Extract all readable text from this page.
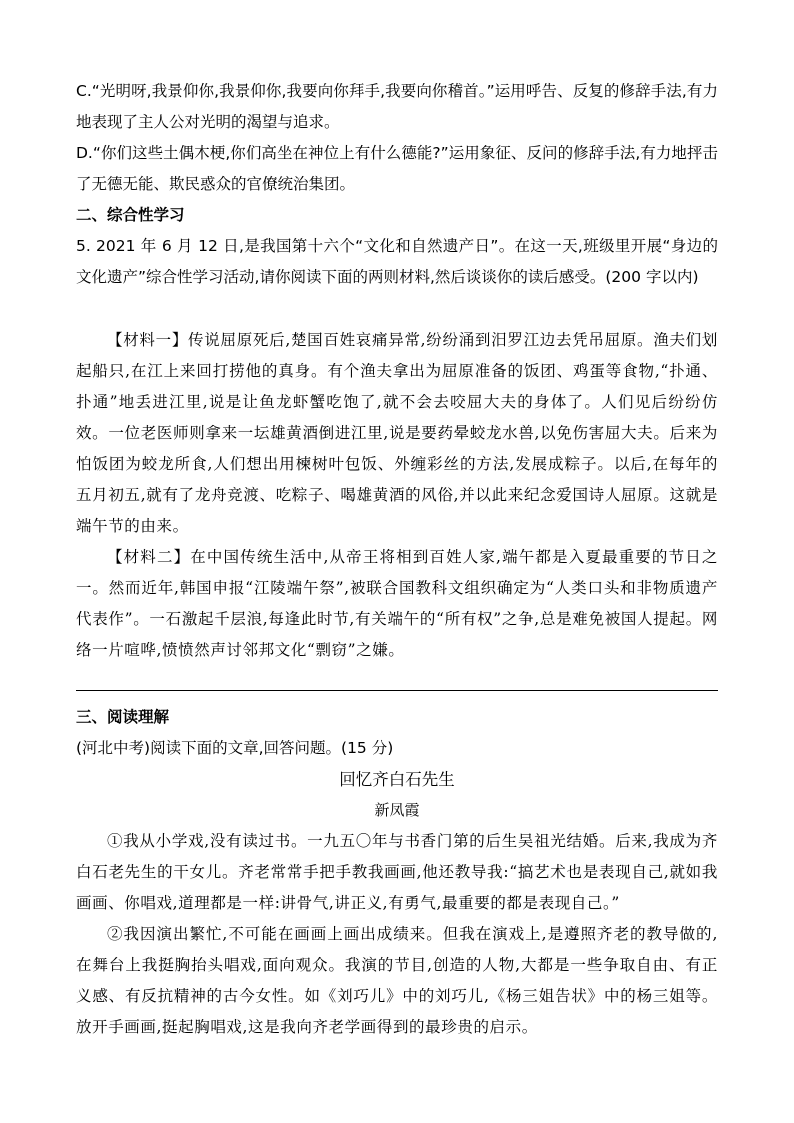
C.“光明呀,我景仰你,我景仰你,我要向你拜手,我要向你稽首。”运用呼告、反复的修辞手法,有力地表现了主人公对光明的渴望与追求。

D.“你们这些土偶木梗,你们高坐在神位上有什么德能?”运用象征、反问的修辞手法,有力地抨击了无德无能、欺民惑众的官僚统治集团。

二、综合性学习

5. 2021 年 6 月 12 日,是我国第十六个“文化和自然遗产日”。在这一天,班级里开展“身边的文化遗产”综合性学习活动,请你阅读下面的两则材料,然后谈谈你的读后感受。(200 字以内)

【材料一】传说屈原死后,楚国百姓哀痛异常,纷纷涌到汨罗江边去凭吊屈原。渔夫们划起船只,在江上来回打捞他的真身。有个渔夫拿出为屈原准备的饭团、鸡蛋等食物,“扑通、扑通”地丢进江里,说是让鱼龙虾蟹吃饱了,就不会去咬屈大夫的身体了。人们见后纷纷仿效。一位老医师则拿来一坛雄黄酒倒进江里,说是要药晕蛟龙水兽,以免伤害屈大夫。后来为怕饭团为蛟龙所食,人们想出用楝树叶包饭、外缠彩丝的方法,发展成粽子。以后,在每年的五月初五,就有了龙舟竞渡、吃粽子、喝雄黄酒的风俗,并以此来纪念爱国诗人屈原。这就是端午节的由来。

【材料二】在中国传统生活中,从帝王将相到百姓人家,端午都是入夏最重要的节日之一。然而近年,韩国申报“江陵端午祭”,被联合国教科文组织确定为“人类口头和非物质遗产代表作”。一石激起千层浪,每逢此时节,有关端午的“所有权”之争,总是难免被国人提起。网络一片喧哗,愤愤然声讨邻邦文化“剽窃”之嫌。

三、阅读理解

(河北中考)阅读下面的文章,回答问题。(15 分)

回忆齐白石先生

新凤霞

①我从小学戏,没有读过书。一九五〇年与书香门第的后生吴祖光结婚。后来,我成为齐白石老先生的干女儿。齐老常常手把手教我画画,他还教导我:“搞艺术也是表现自己,就如我画画、你唱戏,道理都是一样:讲骨气,讲正义,有勇气,最重要的都是表现自己。”

②我因演出繁忙,不可能在画画上画出成绩来。但我在演戏上,是遵照齐老的教导做的,在舞台上我挺胸抬头唱戏,面向观众。我演的节目,创造的人物,大都是一些争取自由、有正义感、有反抗精神的古今女性。如《刘巧儿》中的刘巧儿,《杨三姐告状》中的杨三姐等。放开手画画,挺起胸唱戏,这是我向齐老学画得到的最珍贵的启示。
